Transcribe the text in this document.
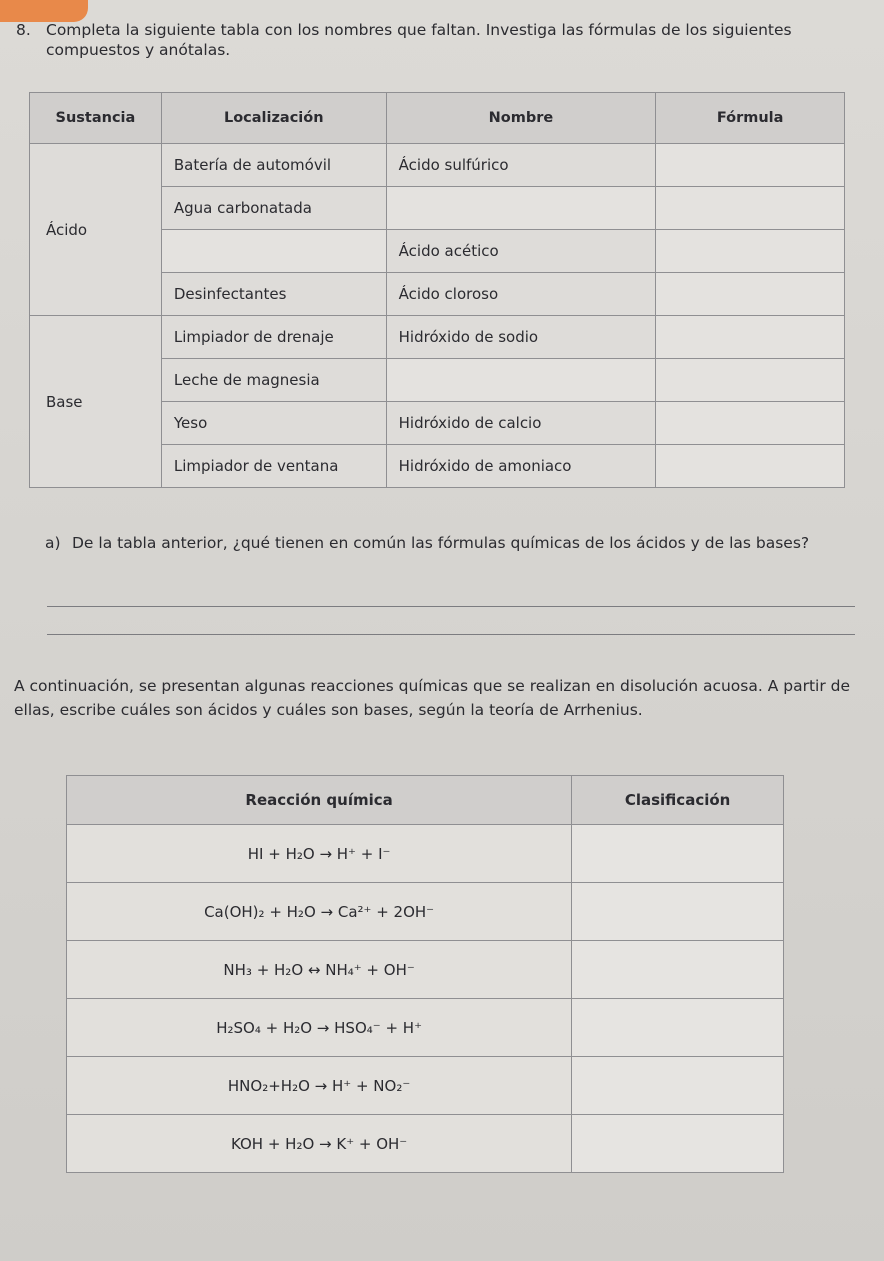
8. Completa la siguiente tabla con los nombres que faltan. Investiga las fórmulas de los siguientes compuestos y anótalas.
Sustancia	Localización	Nombre	Fórmula
Ácido	Batería de automóvil	Ácido sulfúrico	
	Agua carbonatada		
		Ácido acético	
	Desinfectantes	Ácido cloroso	
Base	Limpiador de drenaje	Hidróxido de sodio	
	Leche de magnesia		
	Yeso	Hidróxido de calcio	
	Limpiador de ventana	Hidróxido de amoniaco	
a) De la tabla anterior, ¿qué tienen en común las fórmulas químicas de los ácidos y de las bases?
A continuación, se presentan algunas reacciones químicas que se realizan en disolución acuosa. A partir de ellas, escribe cuáles son ácidos y cuáles son bases, según la teoría de Arrhenius.
Reacción química	Clasificación
HI + H₂O → H⁺ + I⁻	
Ca(OH)₂ + H₂O → Ca²⁺ + 2OH⁻	
NH₃ + H₂O ↔ NH₄⁺ + OH⁻	
H₂SO₄ + H₂O → HSO₄⁻ + H⁺	
HNO₂+H₂O → H⁺ + NO₂⁻	
KOH + H₂O → K⁺ + OH⁻	
